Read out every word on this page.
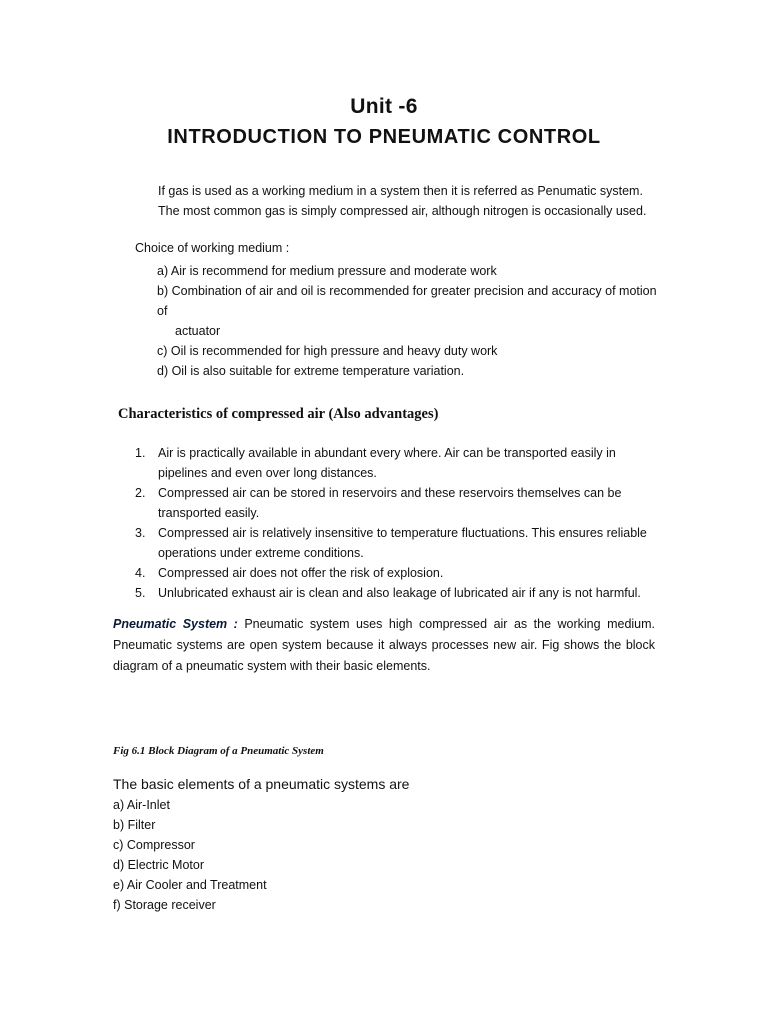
Unit -6
INTRODUCTION TO PNEUMATIC CONTROL

If gas is used as a working medium in a system then it is referred as Penumatic system.

The most common gas is simply compressed air, although nitrogen is occasionally used.

Choice of working medium :
a) Air is recommend for medium pressure and moderate work
b) Combination of air and oil is recommended for greater precision and accuracy of motion of
actuator
c) Oil is recommended for high pressure and heavy duty work
d) Oil is also suitable for extreme temperature variation.
Characteristics of compressed air (Also advantages)
1. Air is practically available in abundant every where. Air can be transported easily in pipelines and even over long distances.
2. Compressed air can be stored in reservoirs and these reservoirs themselves can be transported easily.
3. Compressed air is relatively insensitive to temperature fluctuations. This ensures reliable operations under extreme conditions.
4. Compressed air does not offer the risk of explosion.
5. Unlubricated exhaust air is clean and also leakage of lubricated air if any is not harmful.

Pneumatic System : Pneumatic system uses high compressed air as the working medium. Pneumatic systems are open system because it always processes new air. Fig shows the block diagram of a pneumatic system with their basic elements.

Fig 6.1 Block Diagram of a Pneumatic System
The basic elements of a pneumatic systems are
a) Air-Inlet
b) Filter
c) Compressor
d) Electric Motor
e) Air Cooler and Treatment
f) Storage receiver
